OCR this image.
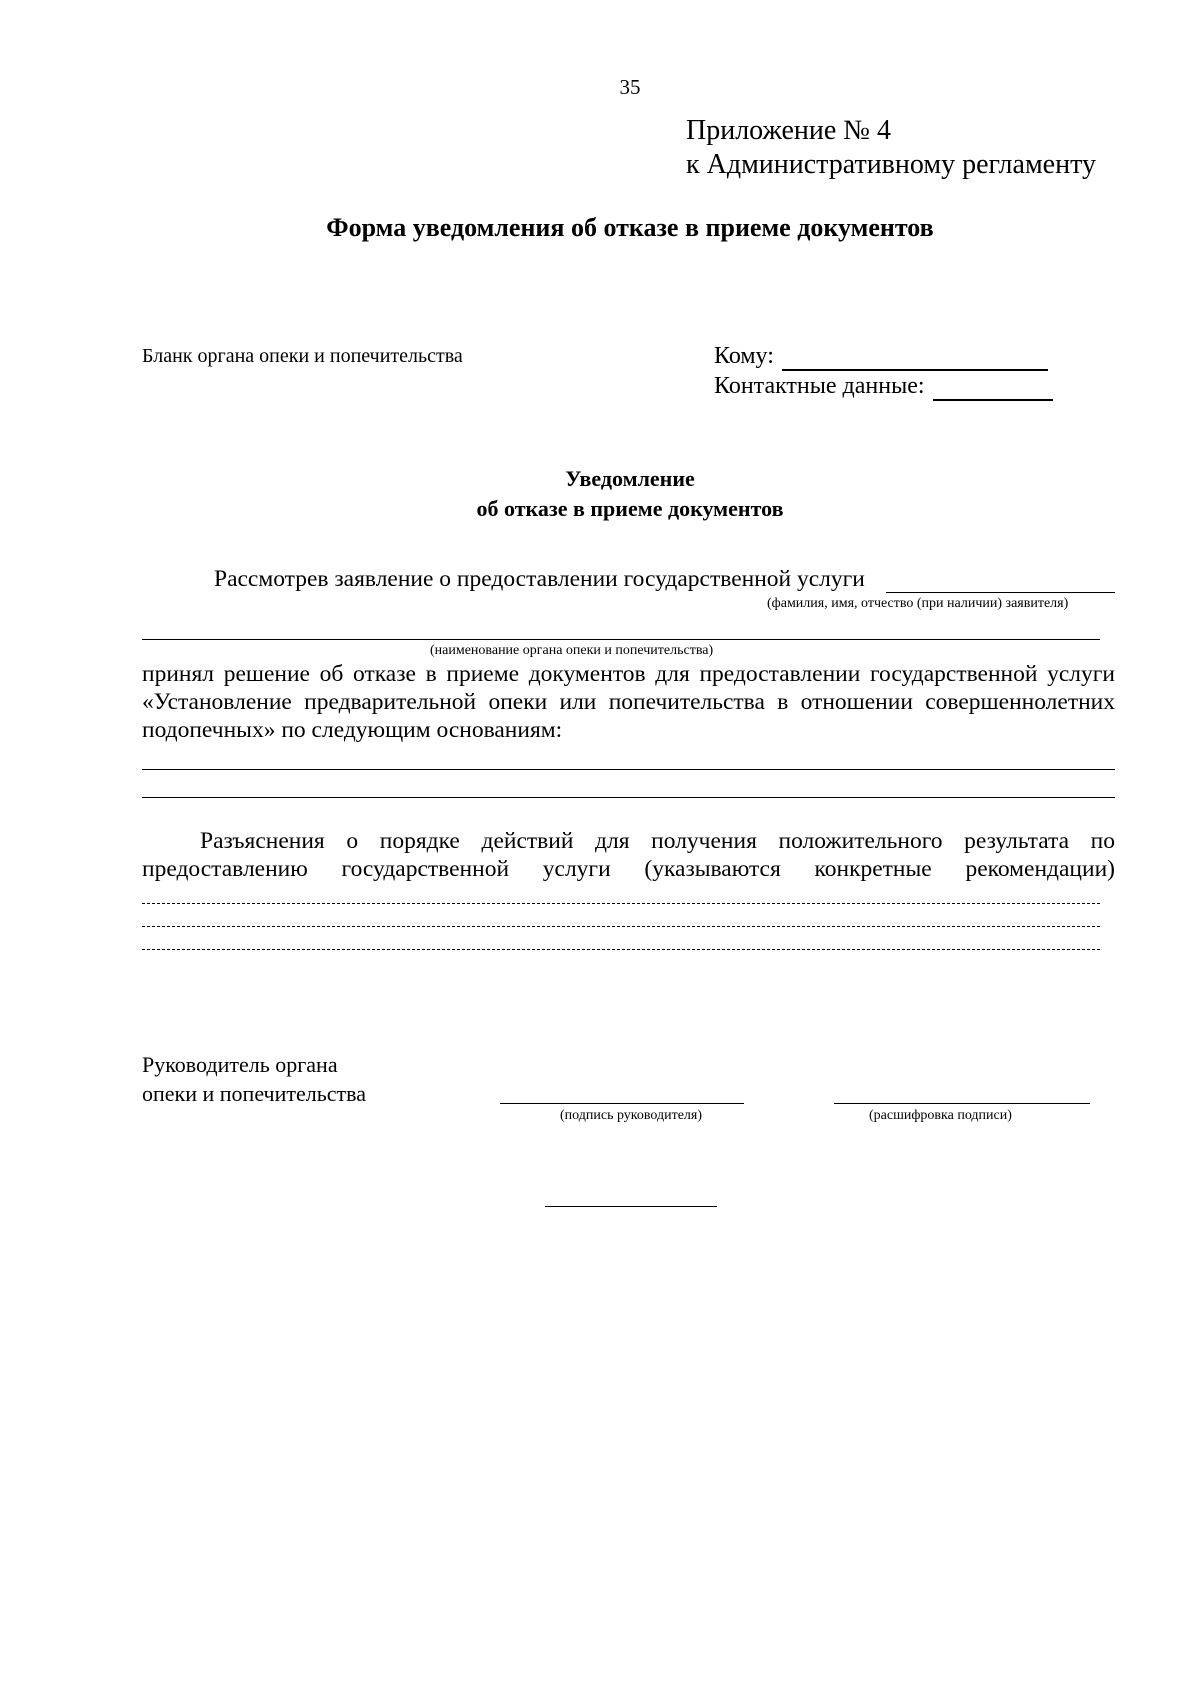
35
Приложение № 4
к Административному регламенту
Форма уведомления об отказе в приеме документов
Бланк органа опеки и попечительства	Кому:
Контактные данные:
Уведомление
об отказе в приеме документов
Рассмотрев заявление о предоставлении государственной услуги
(фамилия, имя, отчество (при наличии) заявителя)
(наименование органа опеки и попечительства)
принял решение об отказе в приеме документов для предоставлении государственной услуги
«Установление предварительной опеки или попечительства в отношении совершеннолетних
подопечных» по следующим основаниям:
Разъяснения о порядке действий для получения положительного результата по
предоставлению государственной услуги (указываются конкретные рекомендации)
Руководитель органа
опеки и попечительства
(подпись руководителя)	(расшифровка подписи)
